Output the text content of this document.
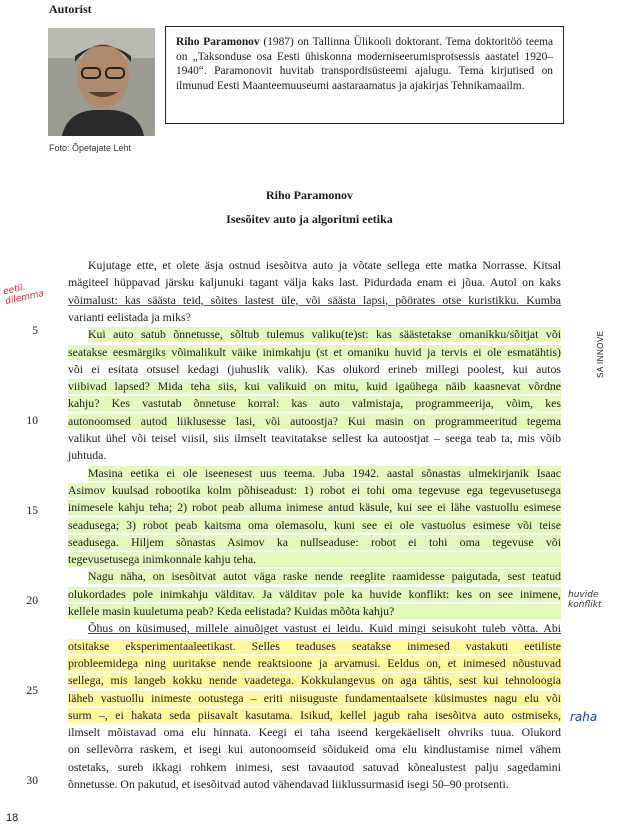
Autorist
Foto: Õpetajate Leht
Riho Paramonov (1987) on Tallinna Ülikooli doktorant. Tema doktoritöö teema on „Taksonduse osa Eesti ühiskonna moderniseerumisprotsessis aastatel 1920–1940“. Paramonovit huvitab transpordisüsteemi ajalugu. Tema kirjutised on ilmunud Eesti Maanteemuuseumi aastaraamatus ja ajakirjas Tehnikamaailm.
Riho Paramonov
Isesõitev auto ja algoritmi eetika
Kujutage ette, et olete äsja ostnud isesõitva auto ja võtate sellega ette matka Norrasse. Kitsal
mägiteel hüppavad järsku kaljunuki tagant välja kaks last. Pidurdada enam ei jõua. Autol on kaks
võimalust: kas säästa teid, sõites lastest üle, või säästa lapsi, põörates otse kuristikku. Kumba
varianti eelistada ja miks?
Kui auto satub õnnetusse, sõltub tulemus valiku(te)st: kas säästetakse omanikku/sõitjat või
seatakse eesmärgiks võimalikult väike inimkahju (st et omaniku huvid ja tervis ei ole esmatähtis)
või ei esitata otsusel kedagi (juhuslik valik). Kas olukord erineb millegi poolest, kui autos
viibivad lapsed? Mida teha siis, kui valikuid on mitu, kuid igaühega näib kaasnevat võrdne
kahju? Kes vastutab õnnetuse korral: kas auto valmistaja, programmeerija, võim, kes
autonoomsed autod liiklusesse lasi, või autoostja? Kui masin on programmeeritud tegema
valikut ühel või teisel viisil, siis ilmselt teavitatakse sellest ka autoostjat – seega teab ta, mis võib
juhtuda.
Masina eetika ei ole iseenesest uus teema. Juba 1942. aastal sõnastas ulmekirjanik Isaac
Asimov kuulsad robootika kolm põhiseadust: 1) robot ei tohi oma tegevuse ega tegevusetusega
inimesele kahju teha; 2) robot peab alluma inimese antud käsule, kui see ei lähe vastuollu esimese
seadusega; 3) robot peab kaitsma oma olemasolu, kuni see ei ole vastuolus esimese või teise
seadusega. Hiljem sõnastas Asimov ka nullseaduse: robot ei tohi oma tegevuse või
tegevusetusega inimkonnale kahju teha.
Nagu näha, on isesõitvat autot väga raske nende reeglite raamidesse paigutada, sest teatud
olukordades pole inimkahju välditav. Ja välditav pole ka huvide konflikt: kes on see inimene,
kellele masin kuuletuma peab? Keda eelistada? Kuidas mõõta kahju?
Õhus on küsimused, millele ainuõiget vastust ei leidu. Kuid mingi seisukoht tuleb võtta. Abi
otsitakse eksperimentaaleetikast. Selles teaduses seatakse inimesed vastakuti eetiliste
probleemidega ning uuritakse nende reaktsioone ja arvamusi. Eeldus on, et inimesed nõustuvad
sellega, mis langeb kokku nende vaadetega. Kokkulangevus on aga tähtis, sest kui tehnoloogia
läheb vastuollu inimeste ootustega – eriti niisuguste fundamentaalsete küsimustes nagu elu või
surm –, ei hakata seda piisavalt kasutama. Isikud, kellel jagub raha isesõitva auto ostmiseks,
ilmselt mõistavad oma elu hinnata. Keegi ei taha iseend kergekäeliselt ohvriks tuua. Olukord
on sellevõrra raskem, et isegi kui autonoomseid sõidukeid oma elu kindlustamise nimel vähem
ostetaks, sureb ikkagi rohkem inimesi, sest tavaautod satuvad kõnealustest palju sagedamini
õnnetusse. On pakutud, et isesõitvad autod vähendavad liiklussurmasid isegi 50–90 protsenti.
5
10
15
20
25
30
eetil. dilemma
huvide konflikt
raha
SA INNOVE
18
